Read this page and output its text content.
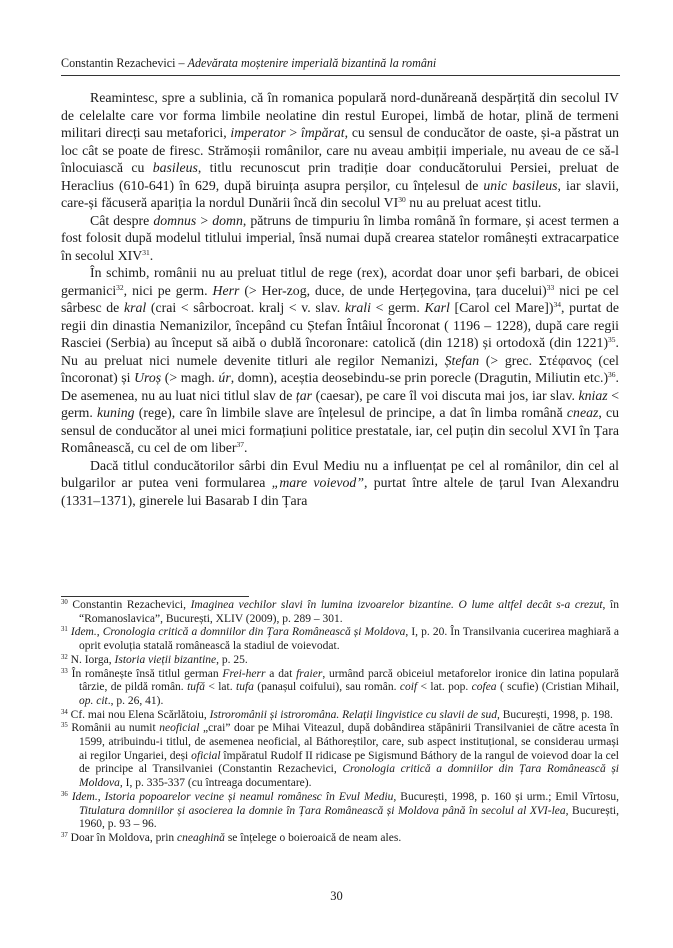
Constantin Rezachevici – Adevărata moștenire imperială bizantină la români

Reamintesc, spre a sublinia, că în romanica populară nord-dunăreană despărțită din secolul IV de celelalte care vor forma limbile neolatine din restul Europei, limbă de hotar, plină de termeni militari direcți sau metaforici, imperator > împărat, cu sensul de conducător de oaste, și-a păstrat un loc cât se poate de firesc. Strămoșii românilor, care nu aveau ambiții imperiale, nu aveau de ce să-l înlocuiască cu basileus, titlu recunoscut prin tradiție doar conducătorului Persiei, preluat de Heraclius (610-641) în 629, după biruința asupra perșilor, cu înțelesul de unic basileus, iar slavii, care-și făcuseră apariția la nordul Dunării încă din secolul VI$^{30}$ nu au preluat acest titlu.

Cât despre domnus > domn, pătruns de timpuriu în limba română în formare, și acest termen a fost folosit după modelul titlului imperial, însă numai după crearea statelor românești extracarpatice în secolul XIV$^{31}$.

În schimb, românii nu au preluat titlul de rege (rex), acordat doar unor șefi barbari, de obicei germanici$^{32}$, nici pe germ. Herr (> Her-zog, duce, de unde Herțegovina, țara ducelui)$^{33}$ nici pe cel sârbesc de kral (crai < sârbocroat. kralj < v. slav. krali < germ. Karl [Carol cel Mare])$^{34}$, purtat de regii din dinastia Nemanizilor, începând cu Ștefan Întâiul Încoronat ( 1196 – 1228), după care regii Rasciei (Serbia) au început să aibă o dublă încoronare: catolică (din 1218) și ortodoxă (din 1221)$^{35}$. Nu au preluat nici numele devenite titluri ale regilor Nemanizi, Ștefan (> grec. Στέφανος (cel încoronat) și Uroș (> magh. úr, domn), aceștia deosebindu-se prin porecle (Dragutin, Miliutin etc.)$^{36}$. De asemenea, nu au luat nici titlul slav de țar (caesar), pe care îl voi discuta mai jos, iar slav. kniaz < germ. kuning (rege), care în limbile slave are înțelesul de principe, a dat în limba română cneaz, cu sensul de conducător al unei mici formațiuni politice prestatale, iar, cel puțin din secolul XVI în Țara Românească, cu cel de om liber$^{37}$.

Dacă titlul conducătorilor sârbi din Evul Mediu nu a influențat pe cel al românilor, din cel al bulgarilor ar putea veni formularea „mare voievod”, purtat între altele de țarul Ivan Alexandru (1331–1371), ginerele lui Basarab I din Țara

$^{30}$ Constantin Rezachevici, Imaginea vechilor slavi în lumina izvoarelor bizantine. O lume altfel decât s-a crezut, în “Romanoslavica”, București, XLIV (2009), p. 289 – 301.
$^{31}$ Idem., Cronologia critică a domniilor din Țara Românească și Moldova, I, p. 20. În Transilvania cucerirea maghiară a oprit evoluția statală românească la stadiul de voievodat.
$^{32}$ N. Iorga, Istoria vieții bizantine, p. 25.
$^{33}$ În românește însă titlul german Frei-herr a dat fraier, urmând parcă obiceiul metaforelor ironice din latina populară târzie, de pildă român. tufă < lat. tufa (panașul coifului), sau român. coif < lat. pop. cofea ( scufie) (Cristian Mihail, op. cit., p. 26, 41).
$^{34}$ Cf. mai nou Elena Scărlătoiu, Istroromânii și istroromâna. Relații lingvistice cu slavii de sud, București, 1998, p. 198.
$^{35}$ Românii au numit neoficial „crai” doar pe Mihai Viteazul, după dobândirea stăpânirii Transilvaniei de către acesta în 1599, atribuindu-i titlul, de asemenea neoficial, al Báthoreștilor, care, sub aspect instituțional, se considerau urmași ai regilor Ungariei, deși oficial împăratul Rudolf II ridicase pe Sigismund Báthory de la rangul de voievod doar la cel de principe al Transilvaniei (Constantin Rezachevici, Cronologia critică a domniilor din Țara Românească și Moldova, I, p. 335-337 (cu întreaga documentare).
$^{36}$ Idem., Istoria popoarelor vecine și neamul românesc în Evul Mediu, București, 1998, p. 160 și urm.; Emil Vîrtosu, Titulatura domniilor și asocierea la domnie în Țara Românească și Moldova până în secolul al XVI-lea, București, 1960, p. 93 – 96.
$^{37}$ Doar în Moldova, prin cneaghină se înțelege o boieroaică de neam ales.
30
